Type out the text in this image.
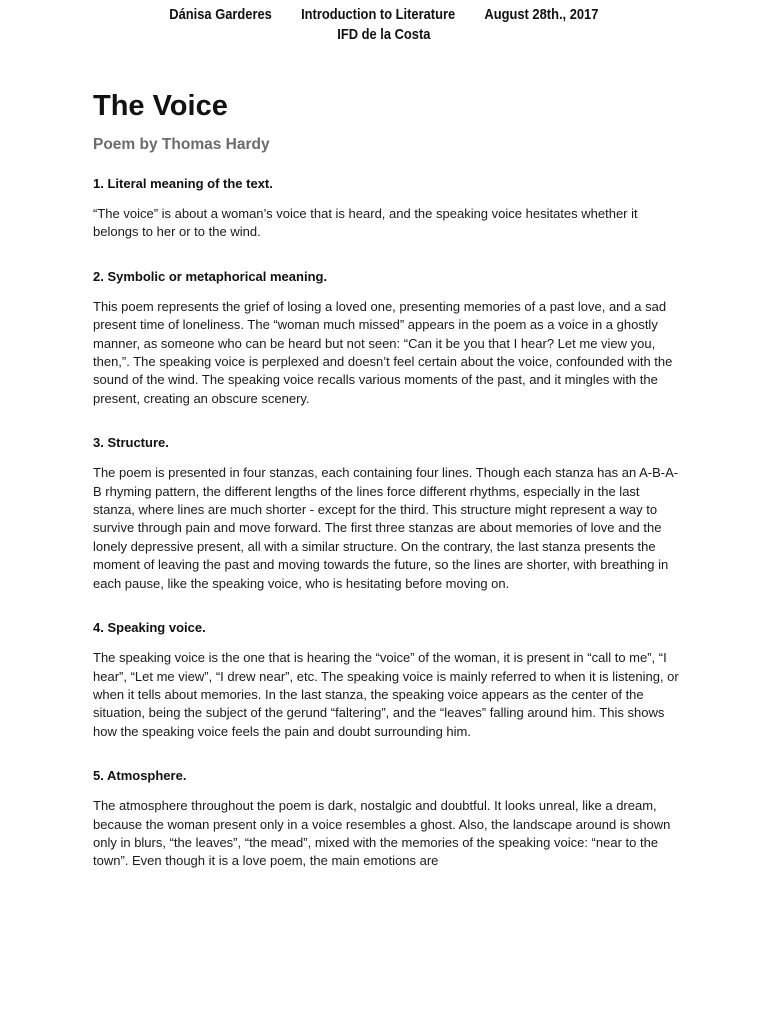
Dánisa Garderes Introduction to Literature August 28th., 2017
IFD de la Costa
The Voice
Poem by Thomas Hardy
1. Literal meaning of the text.

“The voice” is about a woman’s voice that is heard, and the speaking voice hesitates whether it belongs to her or to the wind.

2. Symbolic or metaphorical meaning.

This poem represents the grief of losing a loved one, presenting memories of a past love, and a sad present time of loneliness. The “woman much missed” appears in the poem as a voice in a ghostly manner, as someone who can be heard but not seen: “Can it be you that I hear? Let me view you, then,”. The speaking voice is perplexed and doesn’t feel certain about the voice, confounded with the sound of the wind. The speaking voice recalls various moments of the past, and it mingles with the present, creating an obscure scenery.

3. Structure.

The poem is presented in four stanzas, each containing four lines. Though each stanza has an A-B-A-B rhyming pattern, the different lengths of the lines force different rhythms, especially in the last stanza, where lines are much shorter - except for the third. This structure might represent a way to survive through pain and move forward. The first three stanzas are about memories of love and the lonely depressive present, all with a similar structure. On the contrary, the last stanza presents the moment of leaving the past and moving towards the future, so the lines are shorter, with breathing in each pause, like the speaking voice, who is hesitating before moving on.

4. Speaking voice.

The speaking voice is the one that is hearing the “voice” of the woman, it is present in “call to me”, “I hear”, “Let me view”, “I drew near”, etc. The speaking voice is mainly referred to when it is listening, or when it tells about memories. In the last stanza, the speaking voice appears as the center of the situation, being the subject of the gerund “faltering”, and the “leaves” falling around him. This shows how the speaking voice feels the pain and doubt surrounding him.

5. Atmosphere.

The atmosphere throughout the poem is dark, nostalgic and doubtful. It looks unreal, like a dream, because the woman present only in a voice resembles a ghost. Also, the landscape around is shown only in blurs, “the leaves”, “the mead”, mixed with the memories of the speaking voice: “near to the town”. Even though it is a love poem, the main emotions are
